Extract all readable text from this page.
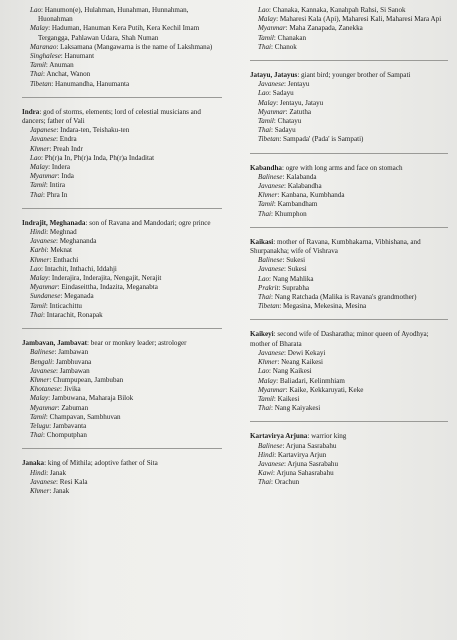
Lao: Hanumon(e), Hulahman, Hunahman, Hunnahman, Huonahman

Malay: Haduman, Hanuman Kera Putih, Kera Kechil Imam Tergangga, Pahlawan Udara, Shah Numan

Maranao: Laksamana (Mangawarna is the name of Lakshmana)

Singhalese: Hanumant

Tamil: Anuman

Thai: Anchat, Wanon

Tibetan: Hanumandha, Hanumanta

Indra: god of storms, elements; lord of celestial musicians and dancers; father of Vali

Japanese: Indara-ten, Teishaku-ten

Javanese: Endra

Khmer: Preah Indr

Lao: Ph(r)a In, Ph(r)a Inda, Ph(r)a Indaditat

Malay: Indera

Myanmar: Inda

Tamil: Intira

Thai: Phra In

Indrajit, Meghanada: son of Ravana and Mandodari; ogre prince

Hindi: Meghnad

Javanese: Meghananda

Karbi: Meknat

Khmer: Enthachi

Lao: Intachit, Inthachi, Iddahji

Malay: Inderajira, Inderajita, Nengajit, Nerajit

Myanmar: Eindaseittha, Indazita, Meganabta

Sundanese: Meganada

Tamil: Inticachittu

Thai: Intarachit, Ronapak

Jambavan, Jambavat: bear or monkey leader; astrologer

Balinese: Jambawan

Bengali: Jambhuvana

Javanese: Jambawan

Khmer: Chumpupean, Jambuban

Khotanese: Jivika

Malay: Jambuwana, Maharaja Bilok

Myanmar: Zabuman

Tamil: Champavan, Sambhuvan

Telugu: Jambavanta

Thai: Chomputphan

Janaka: king of Mithila; adoptive father of Sita

Hindi: Janak

Javanese: Resi Kala

Khmer: Janak

Lao: Chanaka, Kannaka, Kanahpah Rahsi, Si Sanok

Malay: Maharesi Kala (Api), Maharesi Kali, Maharesi Mara Api

Myanmar: Maha Zanapada, Zanekka

Tamil: Chanakan

Thai: Chanok

Jatayu, Jatayus: giant bird; younger brother of Sampati

Javanese: Jentayu

Lao: Sadayu

Malay: Jentayu, Jatayu

Myanmar: Zatutha

Tamil: Chatayu

Thai: Sadayu

Tibetan: Sampada' (Pada' is Sampati)

Kabandha: ogre with long arms and face on stomach

Balinese: Kalabanda

Javanese: Kalabandha

Khmer: Kanbana, Kumbhanda

Tamil: Kambandham

Thai: Khumphon

Kaikasi: mother of Ravana, Kumbhakarna, Vibhishana, and Shurpanakha; wife of Vishrava

Balinese: Sukesi

Javanese: Sukesi

Lao: Nang Mahlika

Prakrit: Suprabha

Thai: Nang Ratchada (Malika is Ravana's grandmother)

Tibetan: Megasina, Mekesina, Mesina

Kaikeyi: second wife of Dasharatha; minor queen of Ayodhya; mother of Bharata

Javanese: Dewi Kekayi

Khmer: Neang Kaikesi

Lao: Nang Kaikesi

Malay: Baliadari, Kelinmhiam

Myanmar: Kaike, Kekkaruyati, Keke

Tamil: Kaikesi

Thai: Nang Kaiyakesi

Kartavirya Arjuna: warrior king

Balinese: Arjuna Sasrabahu

Hindi: Kartavirya Arjun

Javanese: Arjuna Sasrabahu

Kawi: Arjuna Sahasrabahu

Thai: Orachun
